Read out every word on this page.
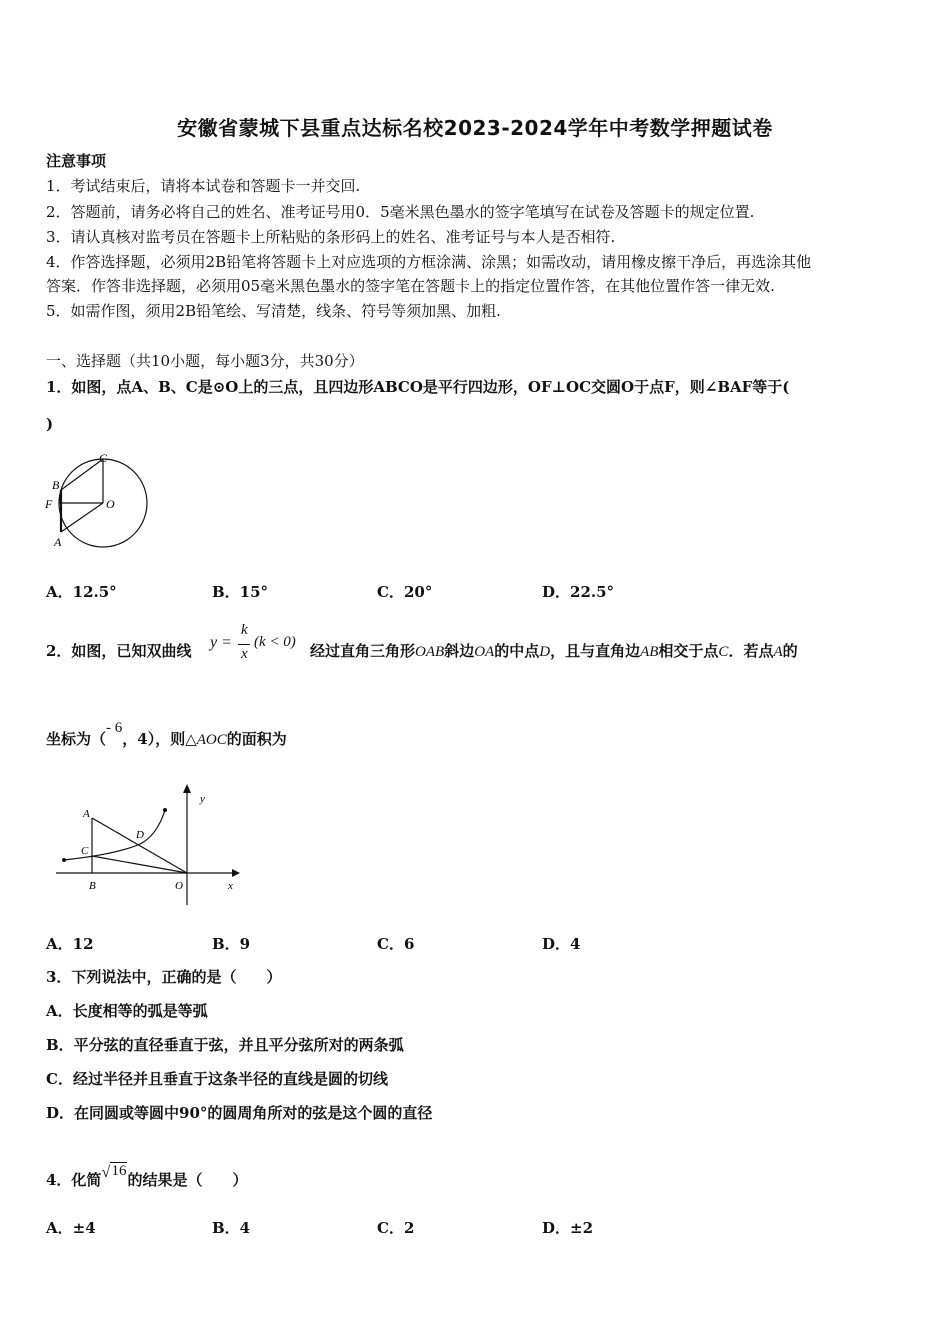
安徽省蒙城下县重点达标名校2023-2024学年中考数学押题试卷
注意事项
1．考试结束后，请将本试卷和答题卡一并交回.
2．答题前，请务必将自己的姓名、准考证号用0．5毫米黑色墨水的签字笔填写在试卷及答题卡的规定位置.
3．请认真核对监考员在答题卡上所粘贴的条形码上的姓名、准考证号与本人是否相符.
4．作答选择题，必须用2B铅笔将答题卡上对应选项的方框涂满、涂黑；如需改动，请用橡皮擦干净后，再选涂其他
答案．作答非选择题，必须用05毫米黑色墨水的签字笔在答题卡上的指定位置作答，在其他位置作答一律无效.
5．如需作图，须用2B铅笔绘、写清楚，线条、符号等须加黑、加粗.
一、选择题（共10小题，每小题3分，共30分）
1．如图，点A、B、C是⊙O上的三点，且四边形ABCO是平行四边形，OF⊥OC交圆O于点F，则∠BAF等于(
)
C
B
F	O
A
A．12.5°	B．15°	C．20°	D．22.5°
2．如图，已知双曲线 y =
k
x
(k < 0) 经过直角三角形OAB斜边OA的中点D，且与直角边AB相交于点C．若点A的
坐标为（- 6，4），则△AOC的面积为
y
A
D
C
B	O	x
A．12	B．9	C．6	D．4
3．下列说法中，正确的是（　　）
A．长度相等的弧是等弧
B．平分弦的直径垂直于弦，并且平分弦所对的两条弧
C．经过半径并且垂直于这条半径的直线是圆的切线
D．在同圆或等圆中90°的圆周角所对的弦是这个圆的直径
4．化简 √ 16的结果是（　　）
A．±4	B．4	C．2	D．±2
